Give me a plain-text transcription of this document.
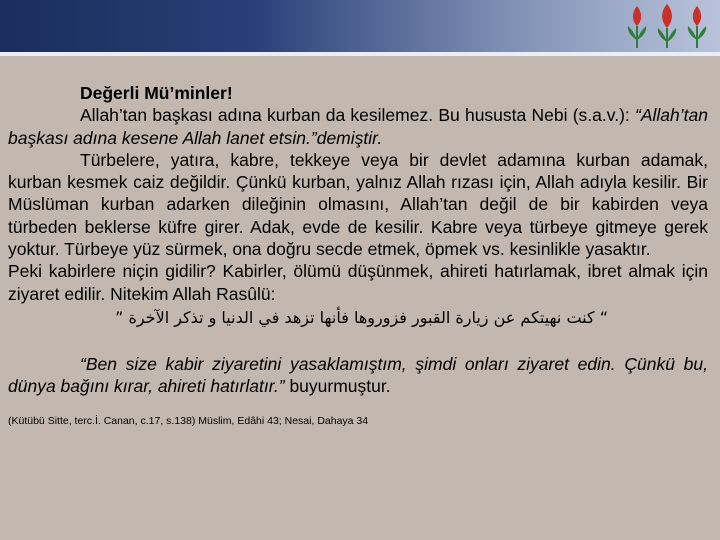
Değerli Mü’minler!

Allah’tan başkası adına kurban da kesilemez. Bu hususta Nebi (s.a.v.): “Allah’tan başkası adına kesene Allah lanet etsin.”demiştir.

Türbelere, yatıra, kabre, tekkeye veya bir devlet adamına kurban adamak, kurban kesmek caiz değildir. Çünkü kurban, yalnız Allah rızası için, Allah adıyla kesilir. Bir Müslüman kurban adarken dileğinin olmasını, Allah’tan değil de bir kabirden veya türbeden beklerse küfre girer. Adak, evde de kesilir. Kabre veya türbeye gitmeye gerek yoktur. Türbeye yüz sürmek, ona doğru secde etmek, öpmek vs. kesinlikle yasaktır.

Peki kabirlere niçin gidilir? Kabirler, ölümü düşünmek, ahireti hatırlamak, ibret almak için ziyaret edilir. Nitekim Allah Rasûlü:

“ كنت نهيتكم عن زيارة القبور فزوروها فأنها تزهد في الدنيا و تذكر الآخرة ”

“Ben size kabir ziyaretini yasaklamıştım, şimdi onları ziyaret edin. Çünkü bu, dünya bağını kırar, ahireti hatırlatır.” buyurmuştur.

(Kütübü Sitte, terc.İ. Canan, c.17, s.138) Müslim, Edâhi 43; Nesai, Dahaya 34
